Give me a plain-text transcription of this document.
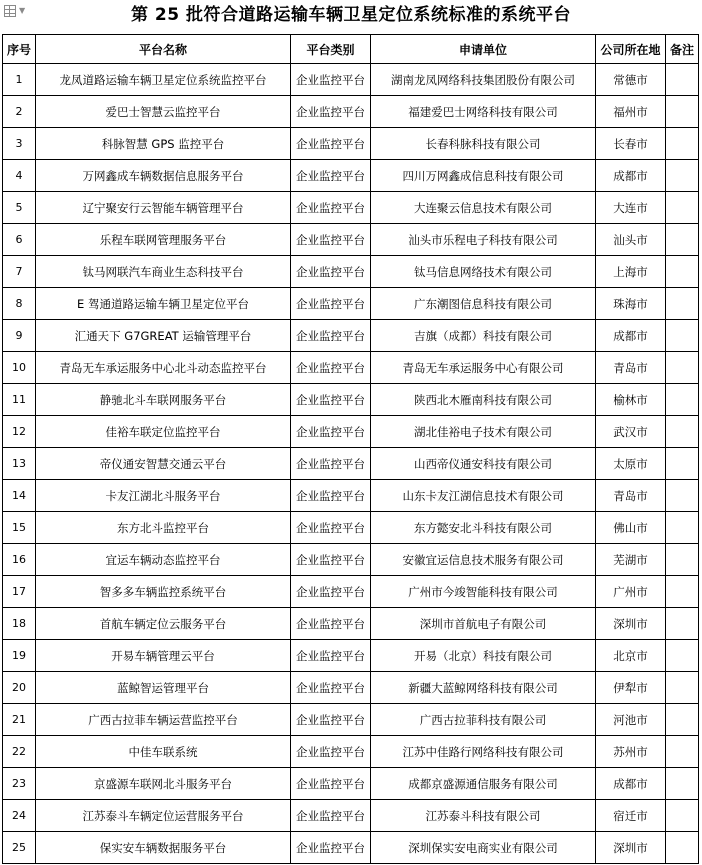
▼	第 25 批符合道路运输车辆卫星定位系统标准的系统平台
序号	平台名称	平台类别	申请单位	公司所在地	备注
1	龙凤道路运输车辆卫星定位系统监控平台	企业监控平台	湖南龙凤网络科技集团股份有限公司	常德市	
2	爱巴士智慧云监控平台	企业监控平台	福建爱巴士网络科技有限公司	福州市	
3	科脉智慧 GPS 监控平台	企业监控平台	长春科脉科技有限公司	长春市	
4	万网鑫成车辆数据信息服务平台	企业监控平台	四川万网鑫成信息科技有限公司	成都市	
5	辽宁聚安行云智能车辆管理平台	企业监控平台	大连聚云信息技术有限公司	大连市	
6	乐程车联网管理服务平台	企业监控平台	汕头市乐程电子科技有限公司	汕头市	
7	钛马网联汽车商业生态科技平台	企业监控平台	钛马信息网络技术有限公司	上海市	
8	E 驾通道路运输车辆卫星定位平台	企业监控平台	广东潮图信息科技有限公司	珠海市	
9	汇通天下 G7GREAT 运输管理平台	企业监控平台	吉旗（成都）科技有限公司	成都市	
10	青岛无车承运服务中心北斗动态监控平台	企业监控平台	青岛无车承运服务中心有限公司	青岛市	
11	静驰北斗车联网服务平台	企业监控平台	陕西北木雁南科技有限公司	榆林市	
12	佳裕车联定位监控平台	企业监控平台	湖北佳裕电子技术有限公司	武汉市	
13	帝仪通安智慧交通云平台	企业监控平台	山西帝仪通安科技有限公司	太原市	
14	卡友江湖北斗服务平台	企业监控平台	山东卡友江湖信息技术有限公司	青岛市	
15	东方北斗监控平台	企业监控平台	东方懿安北斗科技有限公司	佛山市	
16	宜运车辆动态监控平台	企业监控平台	安徽宜运信息技术服务有限公司	芜湖市	
17	智多多车辆监控系统平台	企业监控平台	广州市今竣智能科技有限公司	广州市	
18	首航车辆定位云服务平台	企业监控平台	深圳市首航电子有限公司	深圳市	
19	开易车辆管理云平台	企业监控平台	开易（北京）科技有限公司	北京市	
20	蓝鲸智运管理平台	企业监控平台	新疆大蓝鲸网络科技有限公司	伊犁市	
21	广西古拉菲车辆运营监控平台	企业监控平台	广西古拉菲科技有限公司	河池市	
22	中佳车联系统	企业监控平台	江苏中佳路行网络科技有限公司	苏州市	
23	京盛源车联网北斗服务平台	企业监控平台	成都京盛源通信服务有限公司	成都市	
24	江苏泰斗车辆定位运营服务平台	企业监控平台	江苏泰斗科技有限公司	宿迁市	
25	保实安车辆数据服务平台	企业监控平台	深圳保实安电商实业有限公司	深圳市	
